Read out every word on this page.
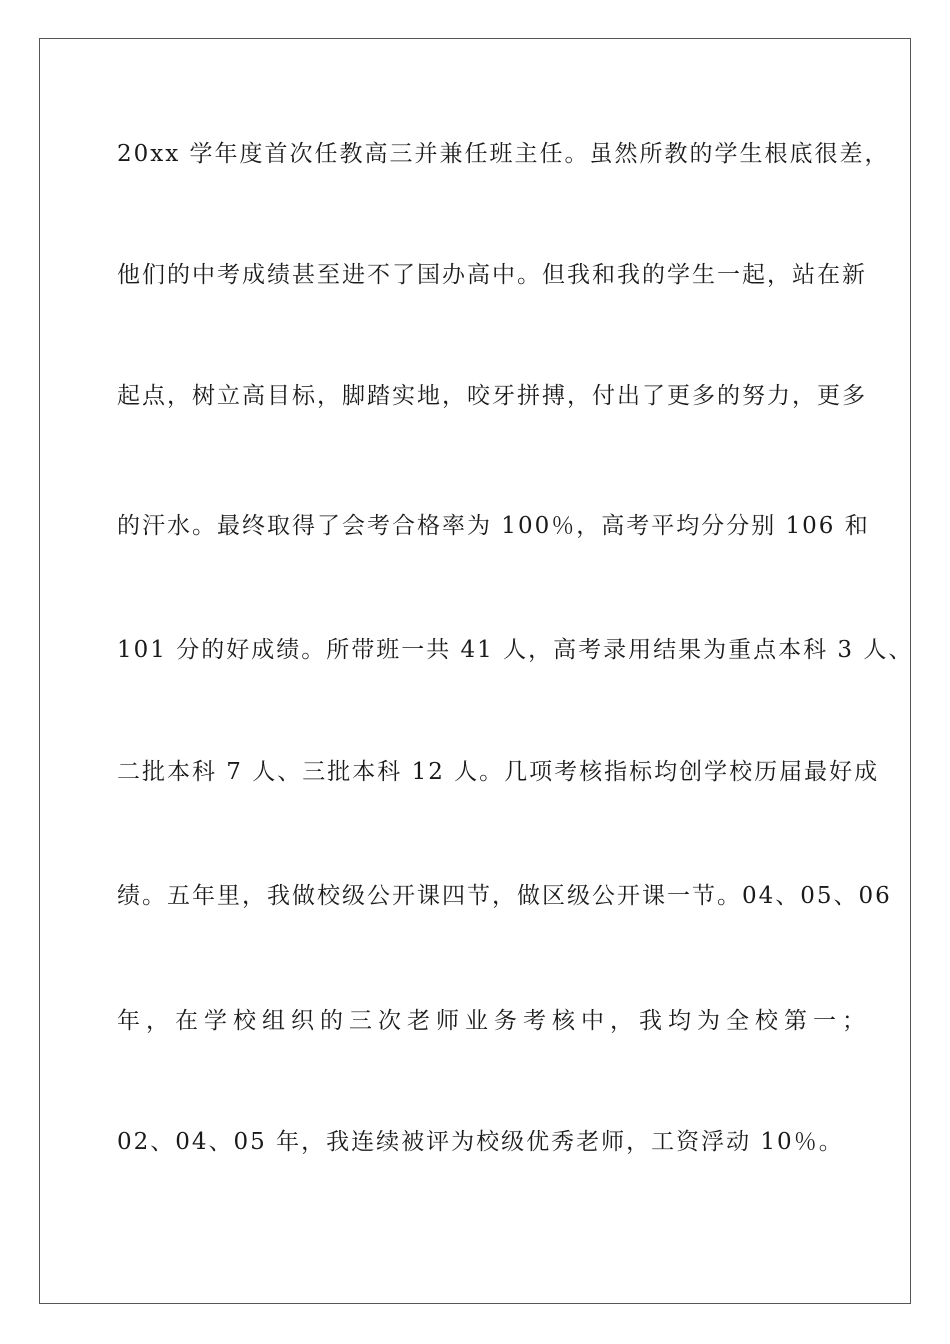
20xx 学年度首次任教高三并兼任班主任。虽然所教的学生根底很差，
他们的中考成绩甚至进不了国办高中。但我和我的学生一起，站在新
起点，树立高目标，脚踏实地，咬牙拼搏，付出了更多的努力，更多
的汗水。最终取得了会考合格率为 100％，高考平均分分别 106 和
101 分的好成绩。所带班一共 41 人，高考录用结果为重点本科 3 人、
二批本科 7 人、三批本科 12 人。几项考核指标均创学校历届最好成
绩。五年里，我做校级公开课四节，做区级公开课一节。04、05、06
年，在学校组织的三次老师业务考核中，我均为全校第一；
02、04、05 年，我连续被评为校级优秀老师，工资浮动 10％。
